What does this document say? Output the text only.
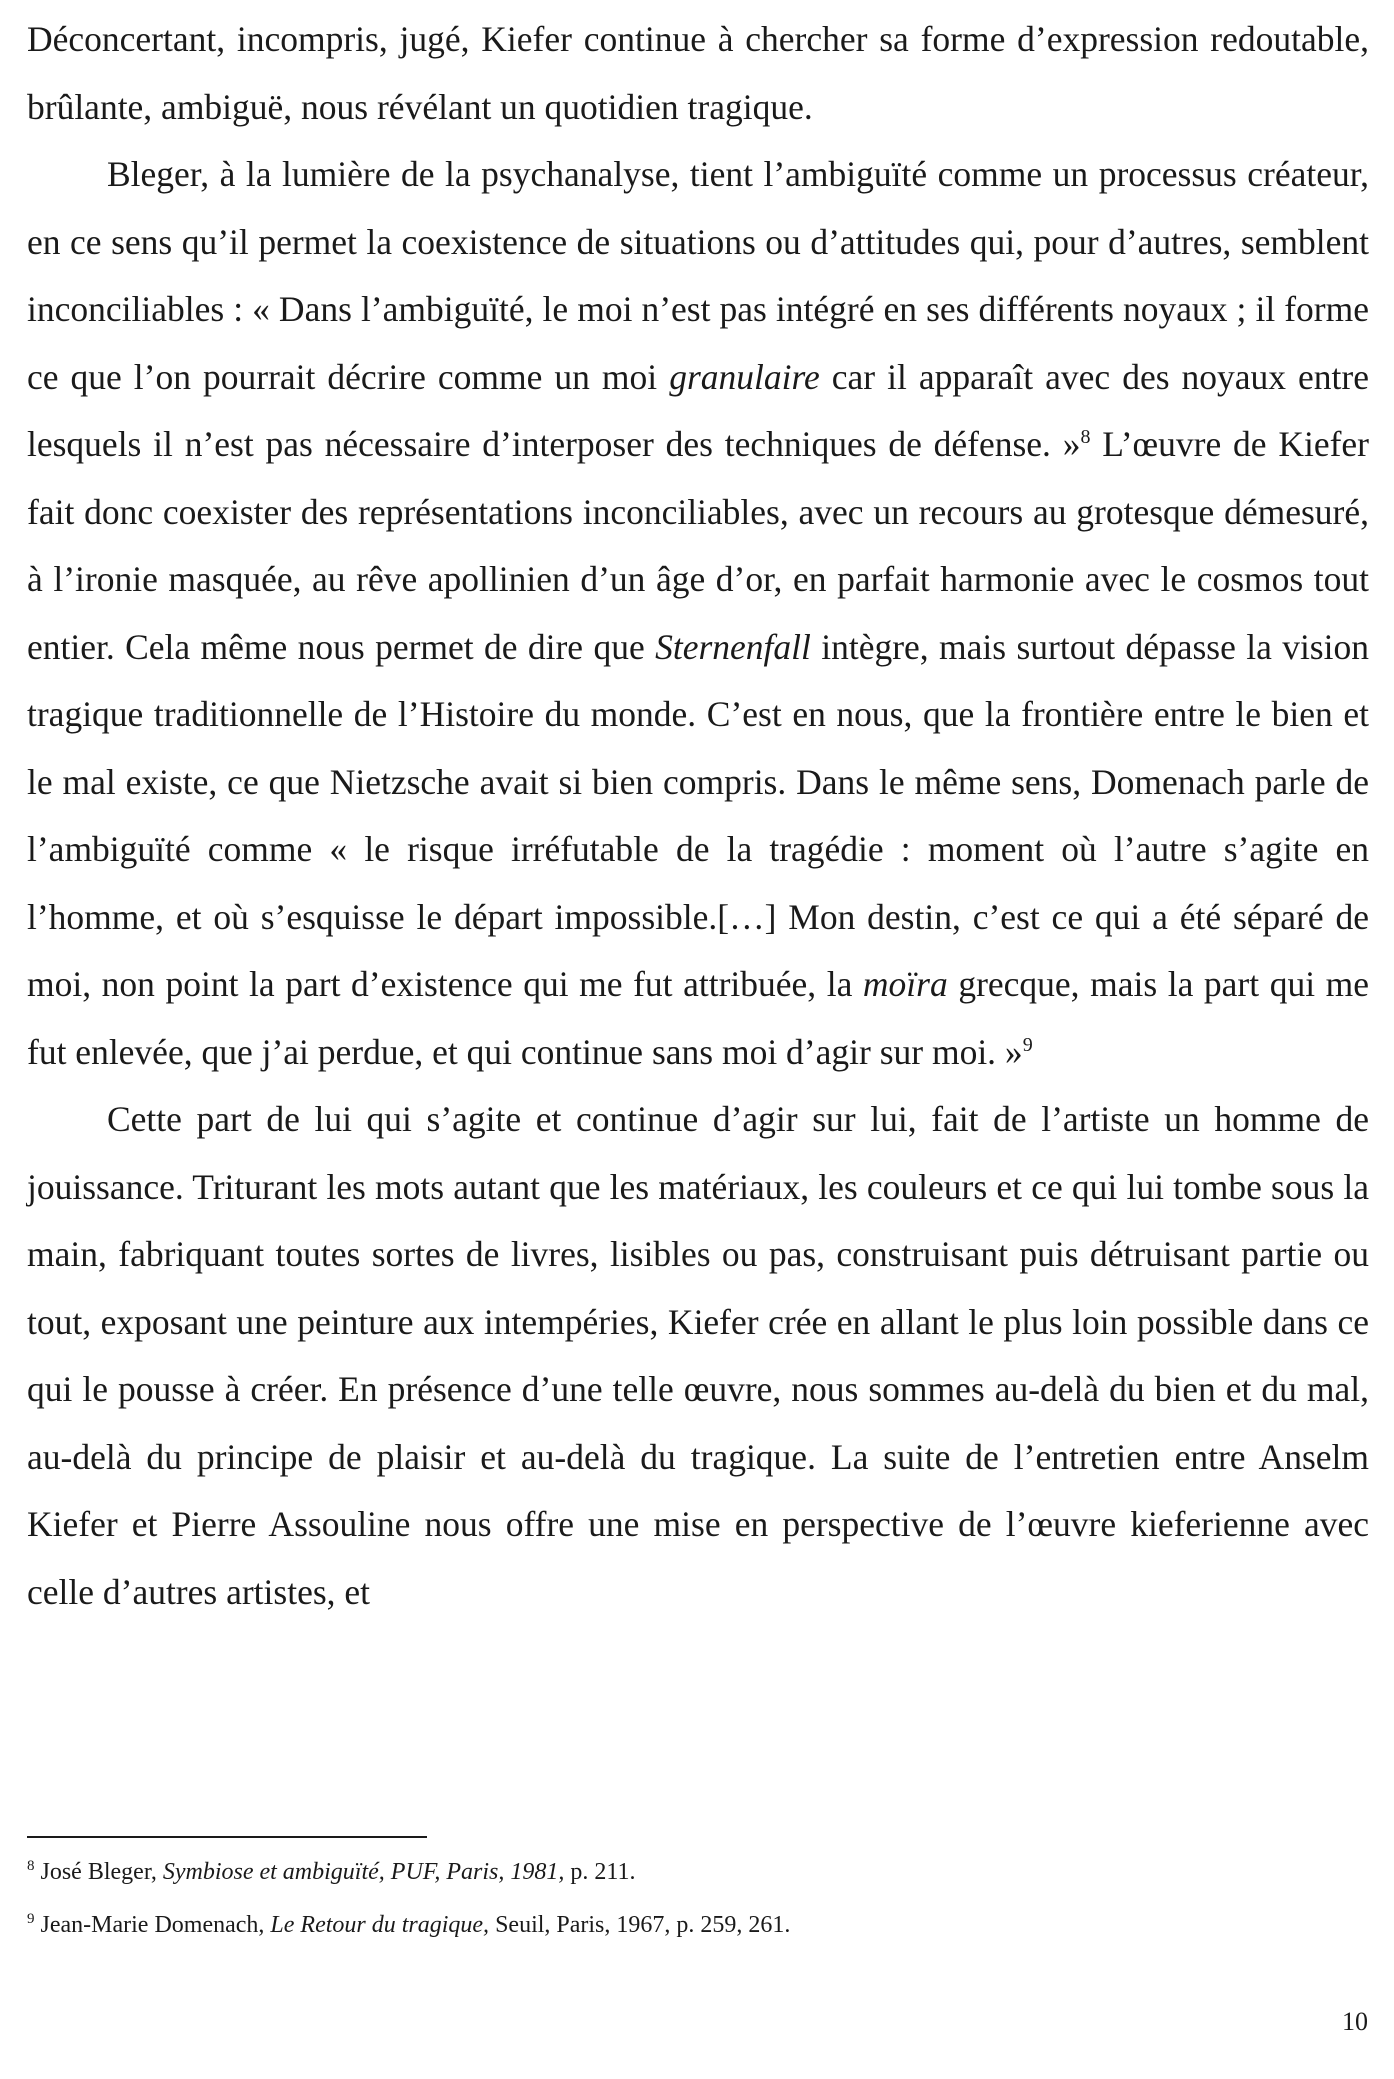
Déconcertant, incompris, jugé, Kiefer continue à chercher sa forme d’expression redoutable, brûlante, ambiguë, nous révélant un quotidien tragique.

Bleger, à la lumière de la psychanalyse, tient l’ambiguïté comme un processus créateur, en ce sens qu’il permet la coexistence de situations ou d’attitudes qui, pour d’autres, semblent inconciliables : « Dans l’ambiguïté, le moi n’est pas intégré en ses différents noyaux ; il forme ce que l’on pourrait décrire comme un moi granulaire car il apparaît avec des noyaux entre lesquels il n’est pas nécessaire d’interposer des techniques de défense. »$^8$ L’œuvre de Kiefer fait donc coexister des représentations inconciliables, avec un recours au grotesque démesuré, à l’ironie masquée, au rêve apollinien d’un âge d’or, en parfait harmonie avec le cosmos tout entier. Cela même nous permet de dire que Sternenfall intègre, mais surtout dépasse la vision tragique traditionnelle de l’Histoire du monde. C’est en nous, que la frontière entre le bien et le mal existe, ce que Nietzsche avait si bien compris. Dans le même sens, Domenach parle de l’ambiguïté comme « le risque irréfutable de la tragédie : moment où l’autre s’agite en l’homme, et où s’esquisse le départ impossible.[…] Mon destin, c’est ce qui a été séparé de moi, non point la part d’existence qui me fut attribuée, la moïra grecque, mais la part qui me fut enlevée, que j’ai perdue, et qui continue sans moi d’agir sur moi. »$^9$

Cette part de lui qui s’agite et continue d’agir sur lui, fait de l’artiste un homme de jouissance. Triturant les mots autant que les matériaux, les couleurs et ce qui lui tombe sous la main, fabriquant toutes sortes de livres, lisibles ou pas, construisant puis détruisant partie ou tout, exposant une peinture aux intempéries, Kiefer crée en allant le plus loin possible dans ce qui le pousse à créer. En présence d’une telle œuvre, nous sommes au-delà du bien et du mal, au-delà du principe de plaisir et au-delà du tragique. La suite de l’entretien entre Anselm Kiefer et Pierre Assouline nous offre une mise en perspective de l’œuvre kieferienne avec celle d’autres artistes, et

$^8$ José Bleger, Symbiose et ambiguïté, PUF, Paris, 1981, p. 211.
$^9$ Jean-Marie Domenach, Le Retour du tragique, Seuil, Paris, 1967, p. 259, 261.
10
